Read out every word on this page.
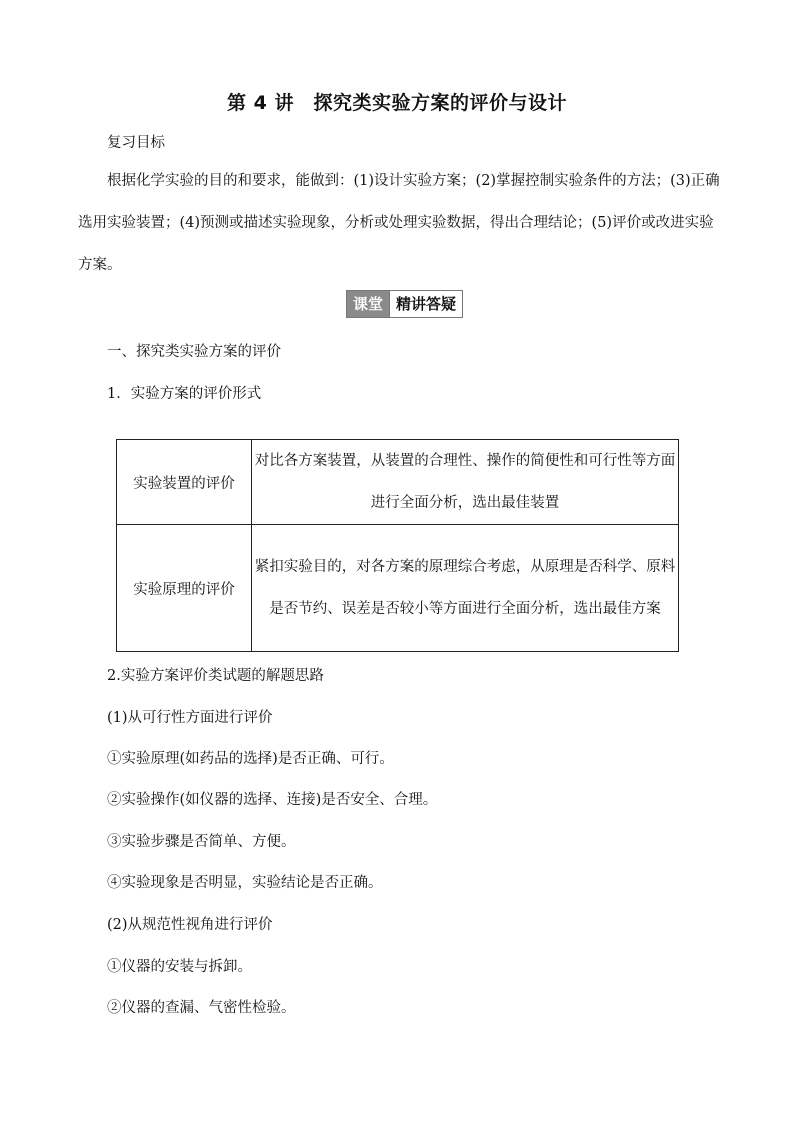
第 4 讲　探究类实验方案的评价与设计
复习目标
根据化学实验的目的和要求，能做到：(1)设计实验方案；(2)掌握控制实验条件的方法；(3)正确选用实验装置；(4)预测或描述实验现象，分析或处理实验数据，得出合理结论；(5)评价或改进实验方案。
课堂 精讲答疑
一、探究类实验方案的评价
1．实验方案的评价形式
实验装置的评价	对比各方案装置，从装置的合理性、操作的简便性和可行性等方面进行全面分析，选出最佳装置
实验原理的评价	紧扣实验目的，对各方案的原理综合考虑，从原理是否科学、原料是否节约、误差是否较小等方面进行全面分析，选出最佳方案
2.实验方案评价类试题的解题思路
(1)从可行性方面进行评价
①实验原理(如药品的选择)是否正确、可行。
②实验操作(如仪器的选择、连接)是否安全、合理。
③实验步骤是否简单、方便。
④实验现象是否明显，实验结论是否正确。
(2)从规范性视角进行评价
①仪器的安装与拆卸。
②仪器的查漏、气密性检验。
